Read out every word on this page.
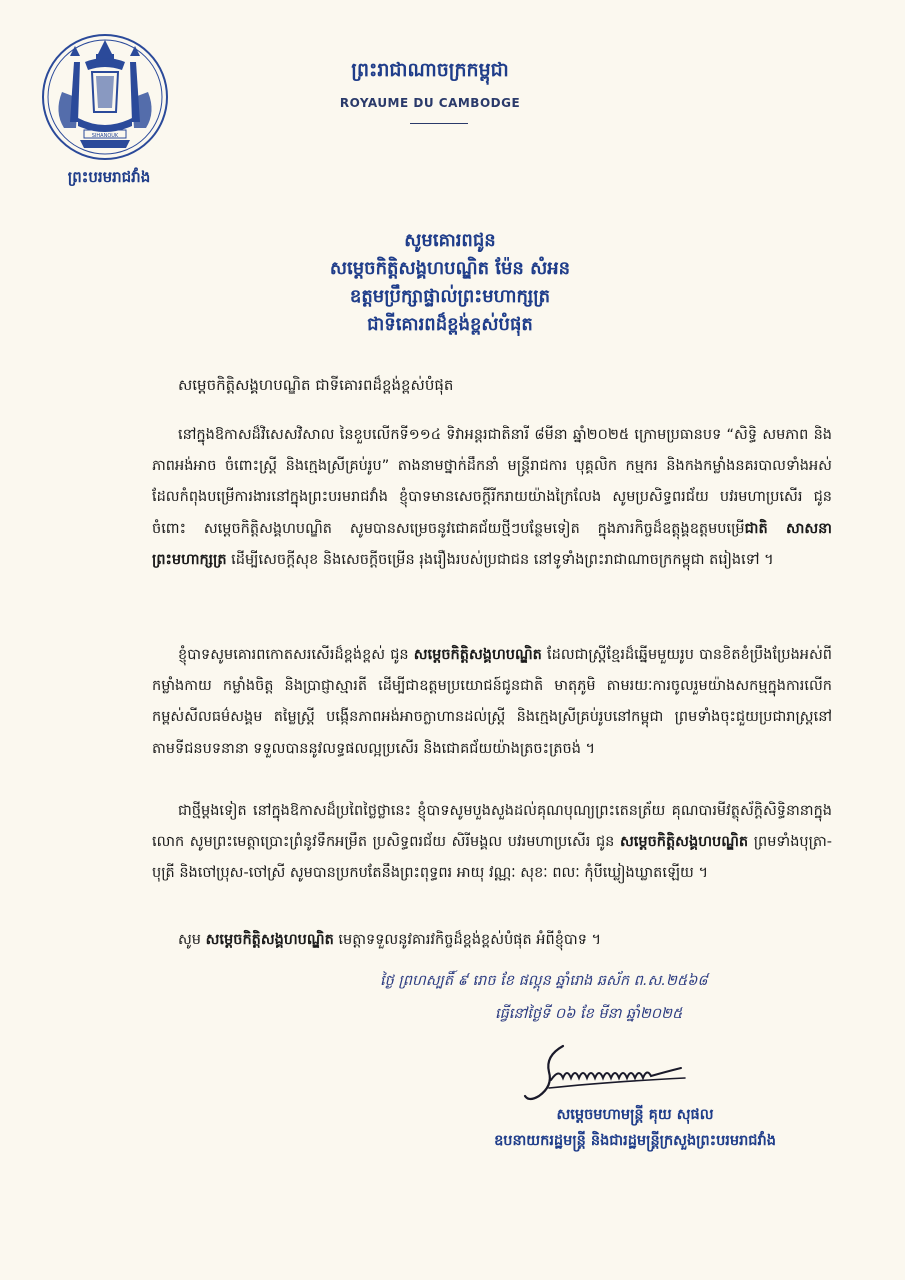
SIHANOUK
ព្រះបរមរាជវាំង
ព្រះរាជាណាចក្រកម្ពុជា
ROYAUME DU CAMBODGE
សូមគោរពជូន
សម្តេចកិត្តិសង្គហបណ្ឌិត ម៉ែន សំអន
ឧត្តមប្រឹក្សាផ្ទាល់ព្រះមហាក្សត្រ
ជាទីគោរពដ៏ខ្ពង់ខ្ពស់បំផុត
សម្តេចកិត្តិសង្គហបណ្ឌិត ជាទីគោរពដ៏ខ្ពង់ខ្ពស់បំផុត
នៅក្នុងឱកាសដ៏វិសេសវិសាល នៃខួបលើកទី១១៤ ទិវាអន្តរជាតិនារី ៨មីនា ឆ្នាំ២០២៥ ក្រោមប្រធានបទ “សិទ្ធិ សមភាព និងភាពអង់អាច ចំពោះស្ត្រី និងក្មេងស្រីគ្រប់រូប” តាងនាមថ្នាក់ដឹកនាំ មន្ត្រីរាជការ បុគ្គលិក កម្មករ និងកងកម្លាំងនគរបាលទាំងអស់ ដែលកំពុងបម្រើការងារនៅក្នុងព្រះបរមរាជវាំង ខ្ញុំបាទមានសេចក្តីរីករាយយ៉ាងក្រៃលែង សូមប្រសិទ្ធពរជ័យ បវរមហាប្រសើរ ជូនចំពោះ សម្តេចកិត្តិសង្គហបណ្ឌិត សូមបានសម្រេចនូវជោគជ័យថ្មីៗបន្ថែមទៀត ក្នុងភារកិច្ចដ៏ឧត្តុង្គឧត្តមបម្រើជាតិ សាសនា ព្រះមហាក្សត្រ ដើម្បីសេចក្តីសុខ និងសេចក្តីចម្រើន រុងរឿងរបស់ប្រជាជន នៅទូទាំងព្រះរាជាណាចក្រកម្ពុជា តរៀងទៅ ។
ខ្ញុំបាទសូមគោរពកោតសរសើរដ៏ខ្ពង់ខ្ពស់ ជូន សម្តេចកិត្តិសង្គហបណ្ឌិត ដែលជាស្ត្រីខ្មែរដ៏ឆ្នើមមួយរូប បានខិតខំប្រឹងប្រែងអស់ពីកម្លាំងកាយ កម្លាំងចិត្ត និងប្រាជ្ញាស្មារតី ដើម្បីជាឧត្តមប្រយោជន៍ជូនជាតិ មាតុភូមិ តាមរយៈការចូលរួមយ៉ាងសកម្មក្នុងការលើកកម្ពស់សីលធម៌សង្គម តម្លៃស្ត្រី បង្កើនភាពអង់អាចក្លាហានដល់ស្ត្រី និងក្មេងស្រីគ្រប់រូបនៅកម្ពុជា ព្រមទាំងចុះជួយប្រជារាស្ត្រនៅតាមទីជនបទនានា ទទួលបាននូវលទ្ធផលល្អប្រសើរ និងជោគជ័យយ៉ាងត្រចះត្រចង់ ។
ជាថ្មីម្តងទៀត នៅក្នុងឱកាសដ៏ប្រពៃថ្លៃថ្លានេះ ខ្ញុំបាទសូមបួងសួងដល់គុណបុណ្យព្រះតេនត្រ័យ គុណបារមីវត្ថុស័ក្តិសិទ្ធិនានាក្នុងលោក សូមព្រះមេត្តាប្រោះព្រំនូវទឹកអម្រឹត ប្រសិទ្ធពរជ័យ សិរីមង្គល បវរមហាប្រសើរ ជូន សម្តេចកិត្តិសង្គហបណ្ឌិត ព្រមទាំងបុត្រា-បុត្រី និងចៅប្រុស-ចៅស្រី សូមបានប្រកបតែនឹងព្រះពុទ្ធពរ អាយុ វណ្ណៈ សុខៈ ពលៈ កុំបីឃ្លៀងឃ្លាតឡើយ ។
សូម សម្តេចកិត្តិសង្គហបណ្ឌិត មេត្តាទទួលនូវគារវកិច្ចដ៏ខ្ពង់ខ្ពស់បំផុត អំពីខ្ញុំបាទ ។
ថ្ងៃ ព្រហស្បតិ៍ ៩ រោច ខែ ផល្គុន ឆ្នាំរោង ឆស័ក ព.ស.២៥៦៨
ធ្វើនៅថ្ងៃទី ០៦ ខែ មីនា ឆ្នាំ២០២៥
សម្តេចមហាមន្ត្រី គុយ សុផល
ឧបនាយករដ្ឋមន្ត្រី និងជារដ្ឋមន្ត្រីក្រសួងព្រះបរមរាជវាំង
